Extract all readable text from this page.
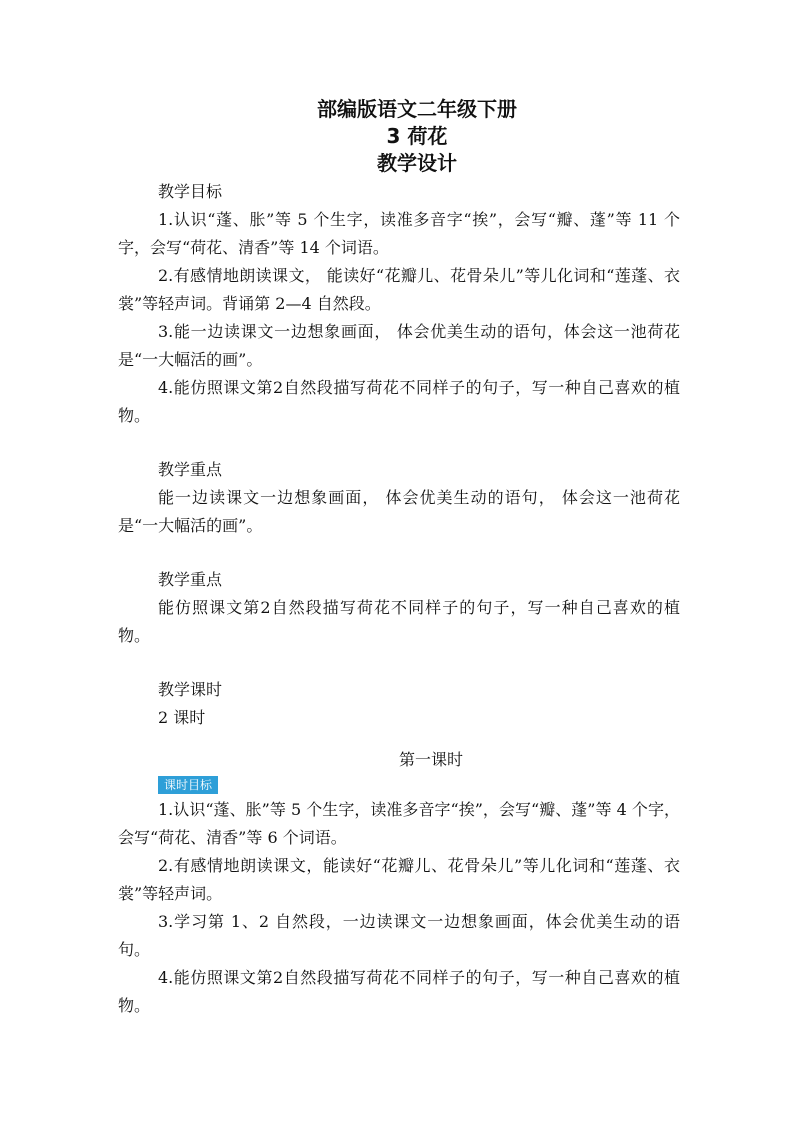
部编版语文二年级下册
3 荷花
教学设计
教学目标

1.认识“蓬、胀”等 5 个生字，读准多音字“挨”，会写“瓣、蓬”等 11 个字，会写“荷花、清香”等 14 个词语。

2.有感情地朗读课文， 能读好“花瓣儿、花骨朵儿”等儿化词和“莲蓬、衣裳”等轻声词。背诵第 2—4 自然段。

3.能一边读课文一边想象画面， 体会优美生动的语句，体会这一池荷花是“一大幅活的画”。

4.能仿照课文第2自然段描写荷花不同样子的句子，写一种自己喜欢的植物。

教学重点

能一边读课文一边想象画面， 体会优美生动的语句， 体会这一池荷花是“一大幅活的画”。

教学重点

能仿照课文第2自然段描写荷花不同样子的句子，写一种自己喜欢的植物。

教学课时
2 课时
第一课时
课时目标

1.认识“蓬、胀”等 5 个生字，读准多音字“挨”，会写“瓣、蓬”等 4 个字，会写“荷花、清香”等 6 个词语。

2.有感情地朗读课文，能读好“花瓣儿、花骨朵儿”等儿化词和“莲蓬、衣裳”等轻声词。

3.学习第 1、2 自然段，一边读课文一边想象画面，体会优美生动的语句。

4.能仿照课文第2自然段描写荷花不同样子的句子，写一种自己喜欢的植物。
